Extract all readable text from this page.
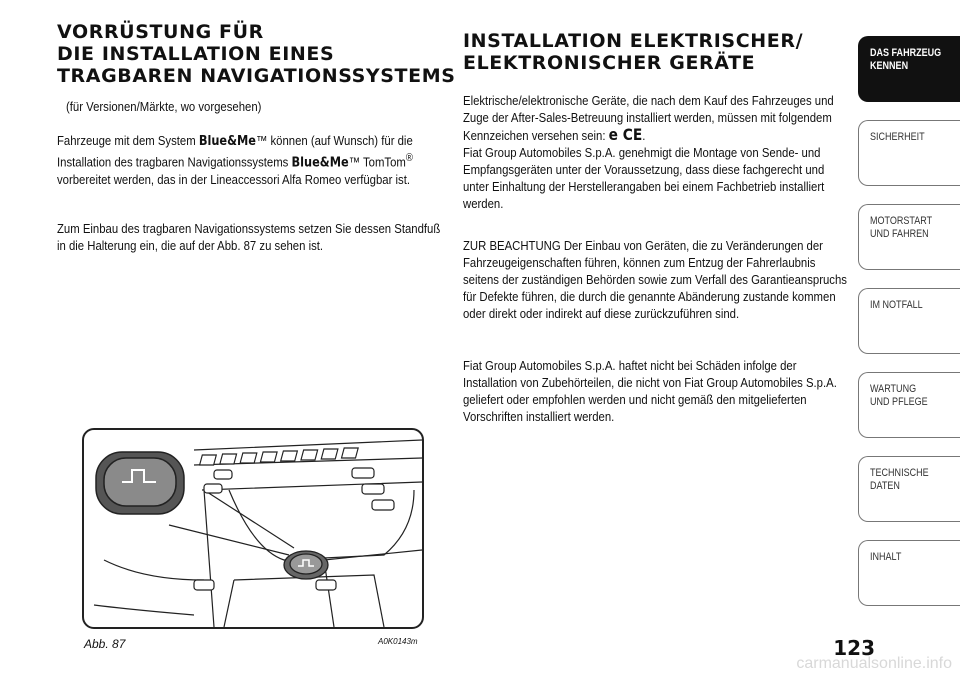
VORRÜSTUNG FÜR
DIE INSTALLATION EINES
TRAGBAREN NAVIGATIONSSYSTEMS

(für Versionen/Märkte, wo vorgesehen)

Fahrzeuge mit dem System Blue&Me™ können (auf Wunsch) für die Installation des tragbaren Navigationssystems Blue&Me™ TomTom® vorbereitet werden, das in der Lineaccessori Alfa Romeo verfügbar ist.

Zum Einbau des tragbaren Navigationssystems setzen Sie dessen Standfuß in die Halterung ein, die auf der Abb. 87 zu sehen ist.

Abb. 87	A0K0143m
INSTALLATION ELEKTRISCHER/
ELEKTRONISCHER GERÄTE

Elektrische/elektronische Geräte, die nach dem Kauf des Fahrzeuges und Zuge der After-Sales-Betreuung installiert werden, müssen mit folgendem Kennzeichen versehen sein: e CE.
Fiat Group Automobiles S.p.A. genehmigt die Montage von Sende- und Empfangsgeräten unter der Voraussetzung, dass diese fachgerecht und unter Einhaltung der Herstellerangaben bei einem Fachbetrieb installiert werden.

ZUR BEACHTUNG Der Einbau von Geräten, die zu Veränderungen der Fahrzeugeigenschaften führen, können zum Entzug der Fahrerlaubnis seitens der zuständigen Behörden sowie zum Verfall des Garantieanspruchs für Defekte führen, die durch die genannte Abänderung zustande kommen oder direkt oder indirekt auf diese zurückzuführen sind.

Fiat Group Automobiles S.p.A. haftet nicht bei Schäden infolge der Installation von Zubehörteilen, die nicht von Fiat Group Automobiles S.p.A. geliefert oder empfohlen werden und nicht gemäß den mitgelieferten Vorschriften installiert werden.

123
DAS FAHRZEUG
KENNEN
SICHERHEIT
MOTORSTART
UND FAHREN
IM NOTFALL
WARTUNG
UND PFLEGE
TECHNISCHE
DATEN
INHALT
carmanualsonline.info
